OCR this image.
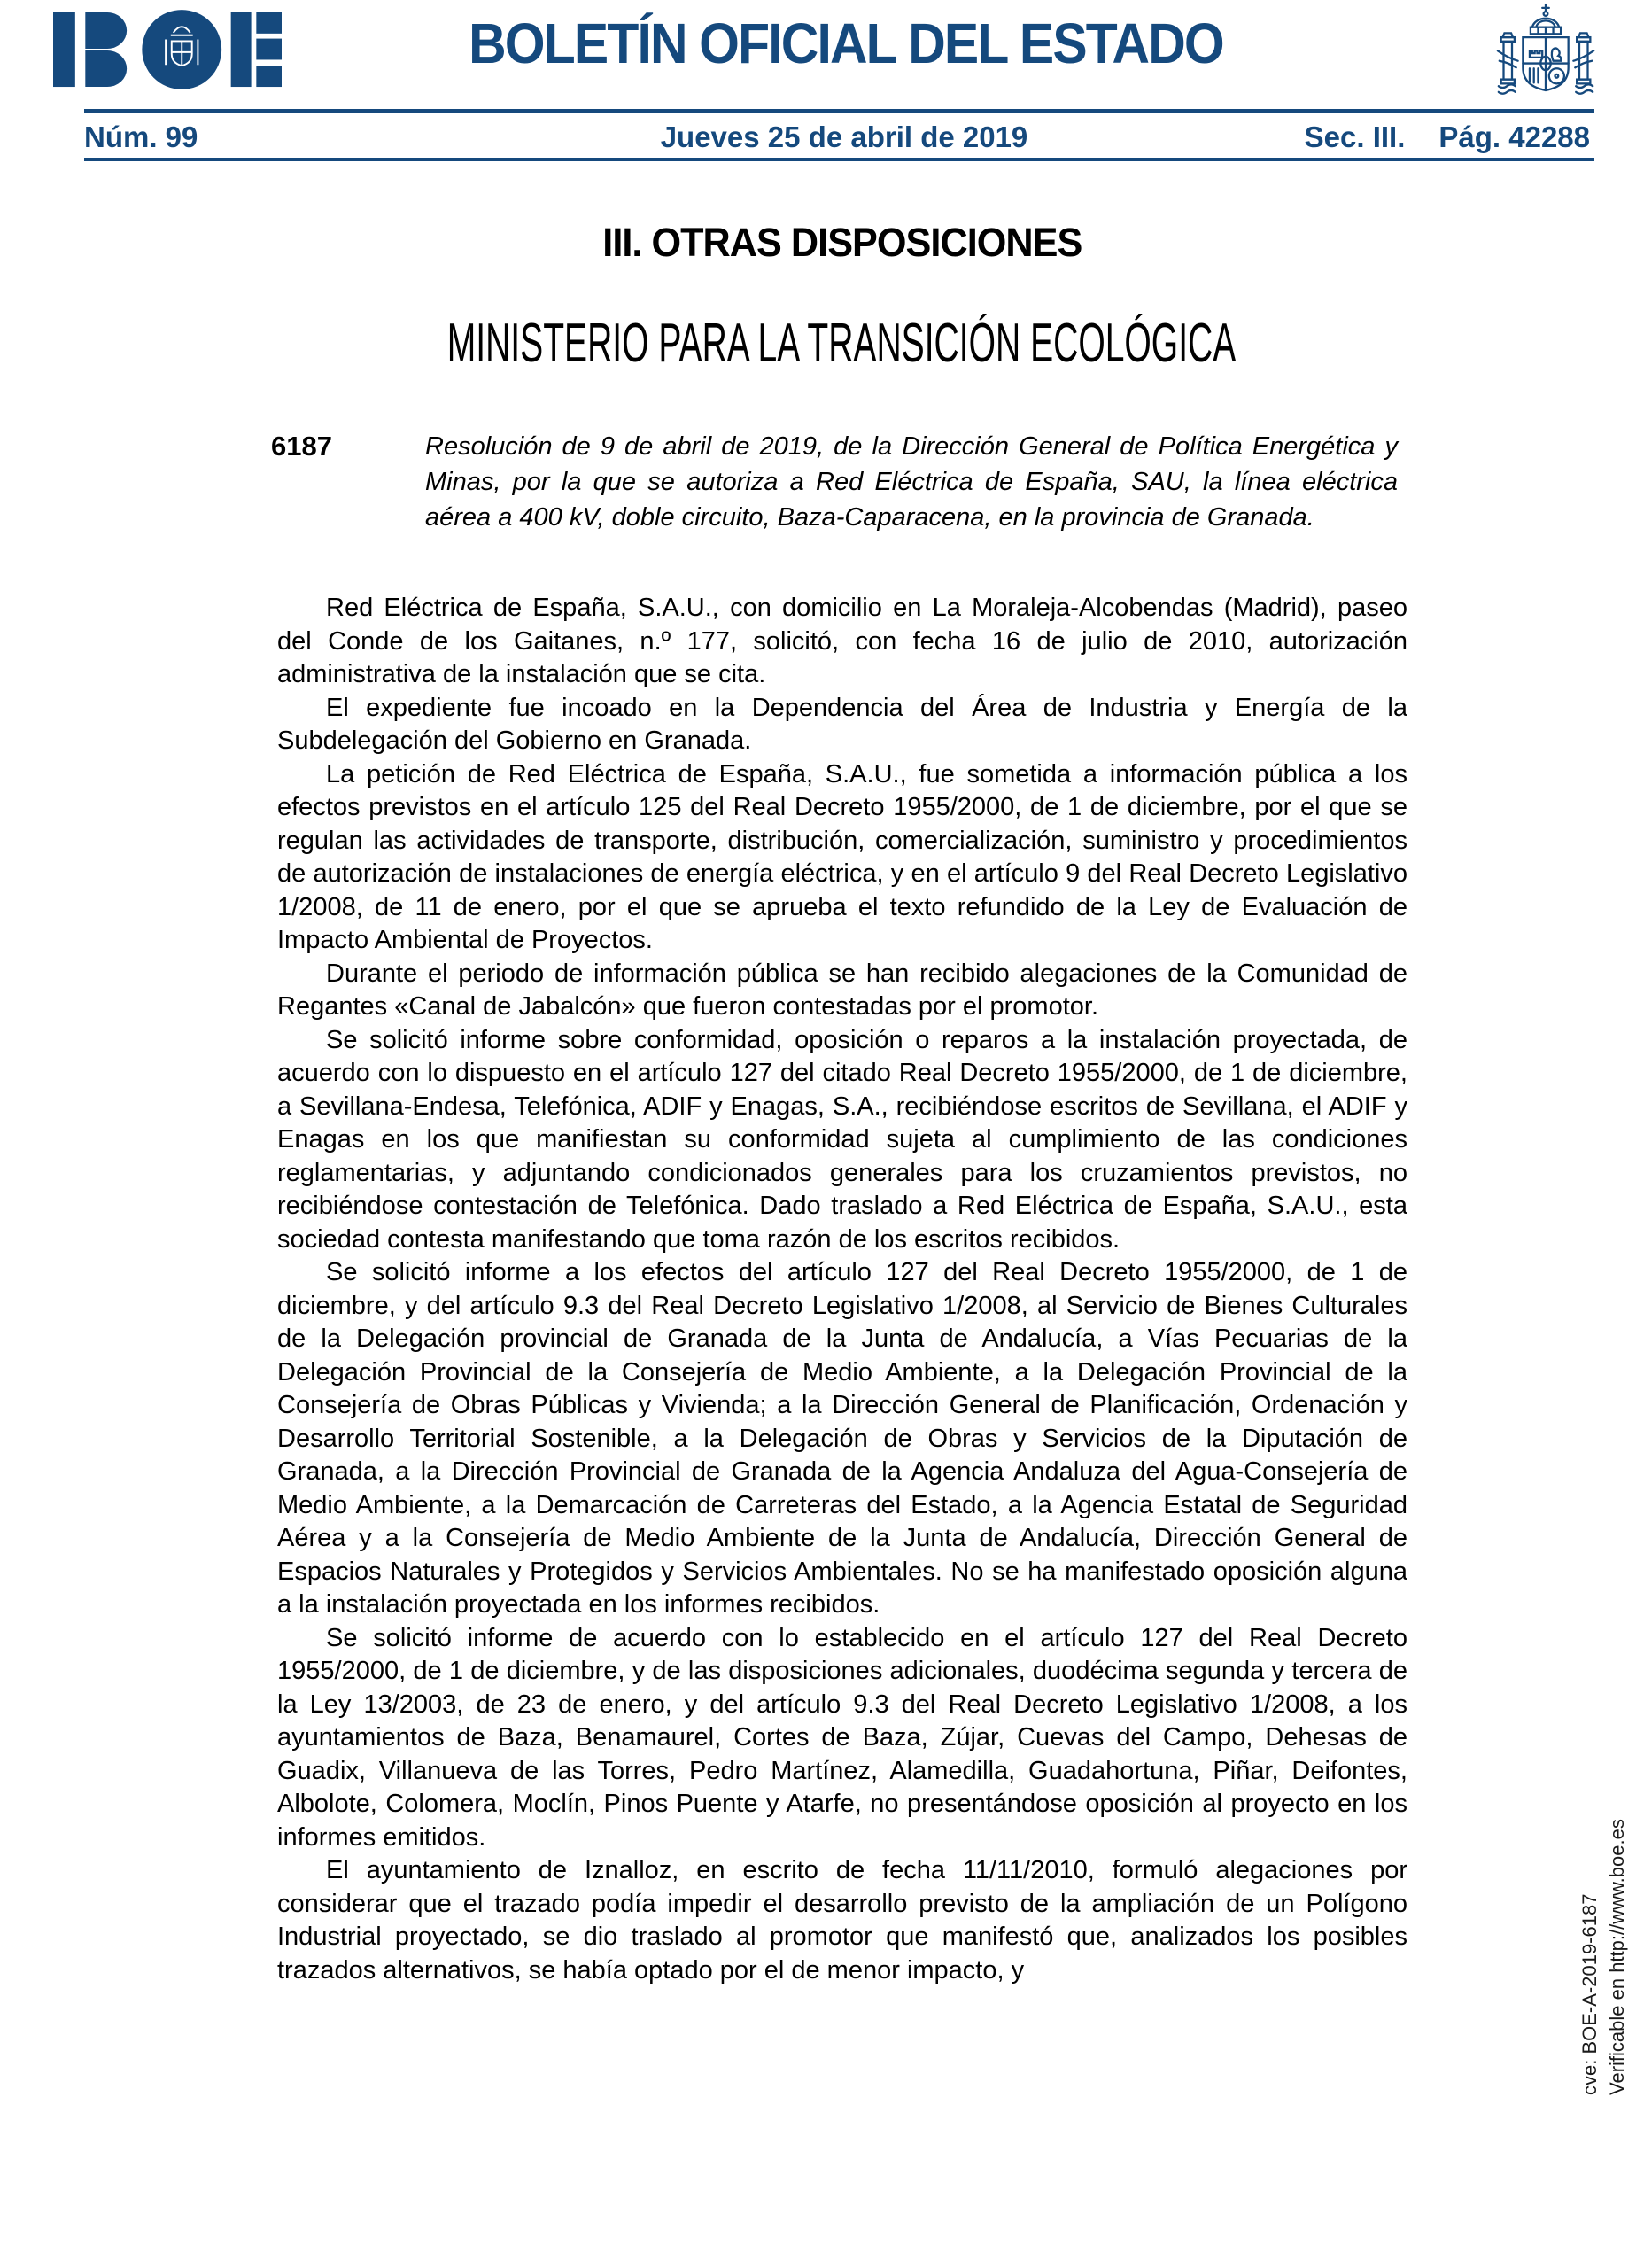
BOLETÍN OFICIAL DEL ESTADO
Núm. 99	Jueves 25 de abril de 2019	Sec. III. Pág. 42288
III. OTRAS DISPOSICIONES
MINISTERIO PARA LA TRANSICIÓN ECOLÓGICA
6187	Resolución de 9 de abril de 2019, de la Dirección General de Política Energética y Minas, por la que se autoriza a Red Eléctrica de España, SAU, la línea eléctrica aérea a 400 kV, doble circuito, Baza-Caparacena, en la provincia de Granada.

Red Eléctrica de España, S.A.U., con domicilio en La Moraleja-Alcobendas (Madrid), paseo del Conde de los Gaitanes, n.º 177, solicitó, con fecha 16 de julio de 2010, autorización administrativa de la instalación que se cita.

El expediente fue incoado en la Dependencia del Área de Industria y Energía de la Subdelegación del Gobierno en Granada.

La petición de Red Eléctrica de España, S.A.U., fue sometida a información pública a los efectos previstos en el artículo 125 del Real Decreto 1955/2000, de 1 de diciembre, por el que se regulan las actividades de transporte, distribución, comercialización, suministro y procedimientos de autorización de instalaciones de energía eléctrica, y en el artículo 9 del Real Decreto Legislativo 1/2008, de 11 de enero, por el que se aprueba el texto refundido de la Ley de Evaluación de Impacto Ambiental de Proyectos.

Durante el periodo de información pública se han recibido alegaciones de la Comunidad de Regantes «Canal de Jabalcón» que fueron contestadas por el promotor.

Se solicitó informe sobre conformidad, oposición o reparos a la instalación proyectada, de acuerdo con lo dispuesto en el artículo 127 del citado Real Decreto 1955/2000, de 1 de diciembre, a Sevillana-Endesa, Telefónica, ADIF y Enagas, S.A., recibiéndose escritos de Sevillana, el ADIF y Enagas en los que manifiestan su conformidad sujeta al cumplimiento de las condiciones reglamentarias, y adjuntando condicionados generales para los cruzamientos previstos, no recibiéndose contestación de Telefónica. Dado traslado a Red Eléctrica de España, S.A.U., esta sociedad contesta manifestando que toma razón de los escritos recibidos.

Se solicitó informe a los efectos del artículo 127 del Real Decreto 1955/2000, de 1 de diciembre, y del artículo 9.3 del Real Decreto Legislativo 1/2008, al Servicio de Bienes Culturales de la Delegación provincial de Granada de la Junta de Andalucía, a Vías Pecuarias de la Delegación Provincial de la Consejería de Medio Ambiente, a la Delegación Provincial de la Consejería de Obras Públicas y Vivienda; a la Dirección General de Planificación, Ordenación y Desarrollo Territorial Sostenible, a la Delegación de Obras y Servicios de la Diputación de Granada, a la Dirección Provincial de Granada de la Agencia Andaluza del Agua-Consejería de Medio Ambiente, a la Demarcación de Carreteras del Estado, a la Agencia Estatal de Seguridad Aérea y a la Consejería de Medio Ambiente de la Junta de Andalucía, Dirección General de Espacios Naturales y Protegidos y Servicios Ambientales. No se ha manifestado oposición alguna a la instalación proyectada en los informes recibidos.

Se solicitó informe de acuerdo con lo establecido en el artículo 127 del Real Decreto 1955/2000, de 1 de diciembre, y de las disposiciones adicionales, duodécima segunda y tercera de la Ley 13/2003, de 23 de enero, y del artículo 9.3 del Real Decreto Legislativo 1/2008, a los ayuntamientos de Baza, Benamaurel, Cortes de Baza, Zújar, Cuevas del Campo, Dehesas de Guadix, Villanueva de las Torres, Pedro Martínez, Alamedilla, Guadahortuna, Piñar, Deifontes, Albolote, Colomera, Moclín, Pinos Puente y Atarfe, no presentándose oposición al proyecto en los informes emitidos.

El ayuntamiento de Iznalloz, en escrito de fecha 11/11/2010, formuló alegaciones por considerar que el trazado podía impedir el desarrollo previsto de la ampliación de un Polígono Industrial proyectado, se dio traslado al promotor que manifestó que, analizados los posibles trazados alternativos, se había optado por el de menor impacto, y	cve: BOE-A-2019-6187 Verificable en http://www.boe.es
